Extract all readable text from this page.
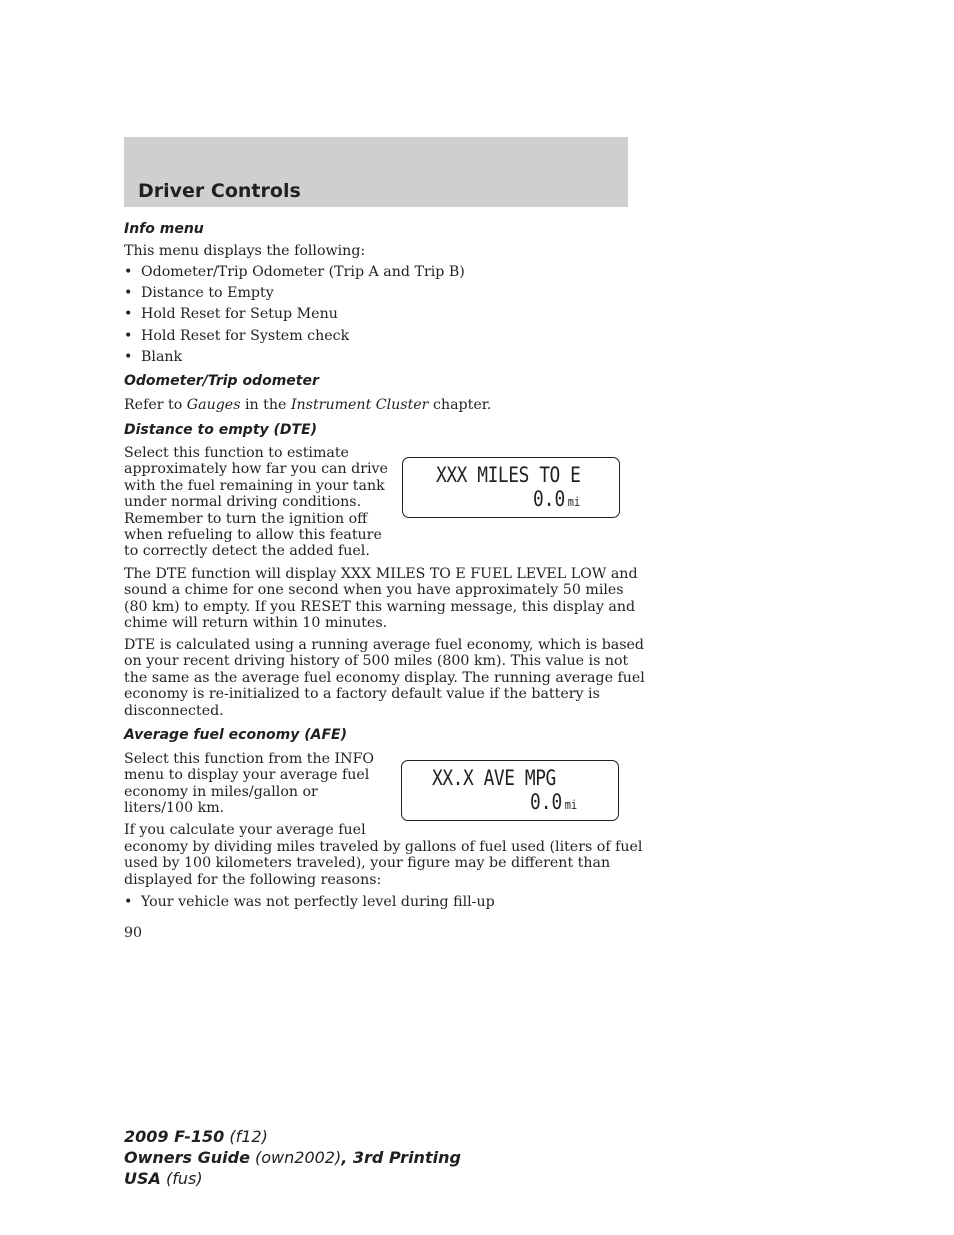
Driver Controls
Info menu
This menu displays the following:
• Odometer/Trip Odometer (Trip A and Trip B)
• Distance to Empty
• Hold Reset for Setup Menu
• Hold Reset for System check
• Blank
Odometer/Trip odometer
Refer to Gauges in the Instrument Cluster chapter.
Distance to empty (DTE)
Select this function to estimate
approximately how far you can drive
with the fuel remaining in your tank
under normal driving conditions.
Remember to turn the ignition off
when refueling to allow this feature
to correctly detect the added fuel.
XXX MILES TO E
0.0 mi
The DTE function will display XXX MILES TO E FUEL LEVEL LOW and
sound a chime for one second when you have approximately 50 miles
(80 km) to empty. If you RESET this warning message, this display and
chime will return within 10 minutes.
DTE is calculated using a running average fuel economy, which is based
on your recent driving history of 500 miles (800 km). This value is not
the same as the average fuel economy display. The running average fuel
economy is re-initialized to a factory default value if the battery is
disconnected.
Average fuel economy (AFE)
Select this function from the INFO
menu to display your average fuel
economy in miles/gallon or
liters/100 km.
If you calculate your average fuel
XX.X AVE MPG
0.0 mi
economy by dividing miles traveled by gallons of fuel used (liters of fuel
used by 100 kilometers traveled), your figure may be different than
displayed for the following reasons:
• Your vehicle was not perfectly level during fill-up
90
2009 F-150 (f12)
Owners Guide (own2002), 3rd Printing
USA (fus)
